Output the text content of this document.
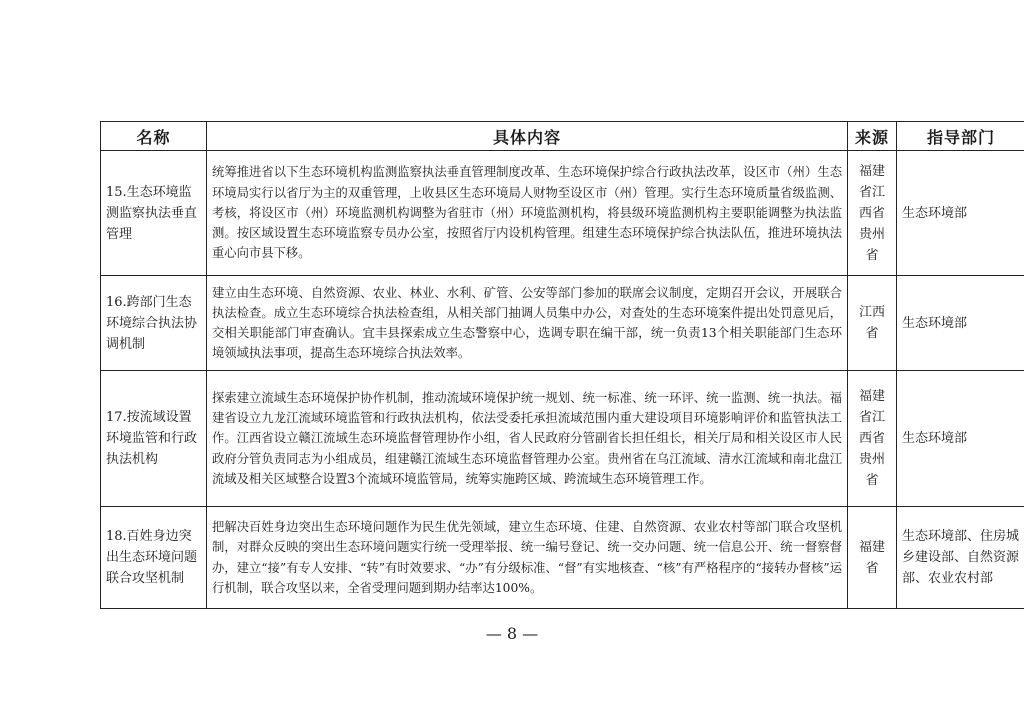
名称	具体内容	来源	指导部门
15.生态环境监测监察执法垂直管理	统筹推进省以下生态环境机构监测监察执法垂直管理制度改革、生态环境保护综合行政执法改革，设区市（州）生态环境局实行以省厅为主的双重管理，上收县区生态环境局人财物至设区市（州）管理。实行生态环境质量省级监测、考核，将设区市（州）环境监测机构调整为省驻市（州）环境监测机构，将县级环境监测机构主要职能调整为执法监测。按区域设置生态环境监察专员办公室，按照省厅内设机构管理。组建生态环境保护综合执法队伍，推进环境执法重心向市县下移。	福建省江西省贵州省	生态环境部
16.跨部门生态环境综合执法协调机制	建立由生态环境、自然资源、农业、林业、水利、矿管、公安等部门参加的联席会议制度，定期召开会议，开展联合执法检查。成立生态环境综合执法检查组，从相关部门抽调人员集中办公，对查处的生态环境案件提出处罚意见后，交相关职能部门审查确认。宜丰县探索成立生态警察中心，选调专职在编干部，统一负责13个相关职能部门生态环境领域执法事项，提高生态环境综合执法效率。	江西省	生态环境部
17.按流域设置环境监管和行政执法机构	探索建立流域生态环境保护协作机制，推动流域环境保护统一规划、统一标准、统一环评、统一监测、统一执法。福建省设立九龙江流域环境监管和行政执法机构，依法受委托承担流域范围内重大建设项目环境影响评价和监管执法工作。江西省设立赣江流域生态环境监督管理协作小组，省人民政府分管副省长担任组长，相关厅局和相关设区市人民政府分管负责同志为小组成员，组建赣江流域生态环境监督管理办公室。贵州省在乌江流域、清水江流域和南北盘江流域及相关区域整合设置3个流域环境监管局，统筹实施跨区域、跨流域生态环境管理工作。	福建省江西省贵州省	生态环境部
18.百姓身边突出生态环境问题联合攻坚机制	把解决百姓身边突出生态环境问题作为民生优先领域，建立生态环境、住建、自然资源、农业农村等部门联合攻坚机制，对群众反映的突出生态环境问题实行统一受理举报、统一编号登记、统一交办问题、统一信息公开、统一督察督办，建立“接”有专人安排、“转”有时效要求、“办”有分级标准、“督”有实地核查、“核”有严格程序的“接转办督核”运行机制，联合攻坚以来，全省受理问题到期办结率达100%。	福建省	生态环境部、住房城乡建设部、自然资源部、农业农村部
— 8 —
